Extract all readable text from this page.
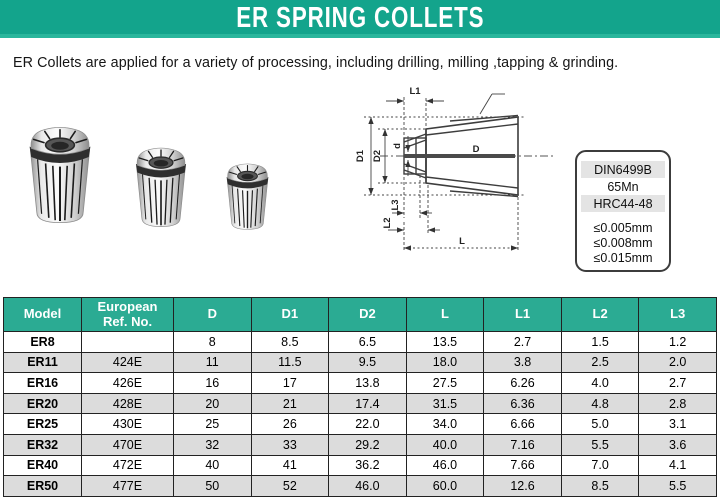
ER SPRING COLLETS

ER Collets are applied for a variety of processing, including drilling, milling ,tapping & grinding.

L1
D1 D2
d	D
L3
L2
L
DIN6499B
65Mn
HRC44-48
≤0.005mm
≤0.008mm
≤0.015mm
Model	European Ref. No.	D	D1	D2	L	L1	L2	L3
ER8		8	8.5	6.5	13.5	2.7	1.5	1.2
ER11	424E	11	11.5	9.5	18.0	3.8	2.5	2.0
ER16	426E	16	17	13.8	27.5	6.26	4.0	2.7
ER20	428E	20	21	17.4	31.5	6.36	4.8	2.8
ER25	430E	25	26	22.0	34.0	6.66	5.0	3.1
ER32	470E	32	33	29.2	40.0	7.16	5.5	3.6
ER40	472E	40	41	36.2	46.0	7.66	7.0	4.1
ER50	477E	50	52	46.0	60.0	12.6	8.5	5.5
